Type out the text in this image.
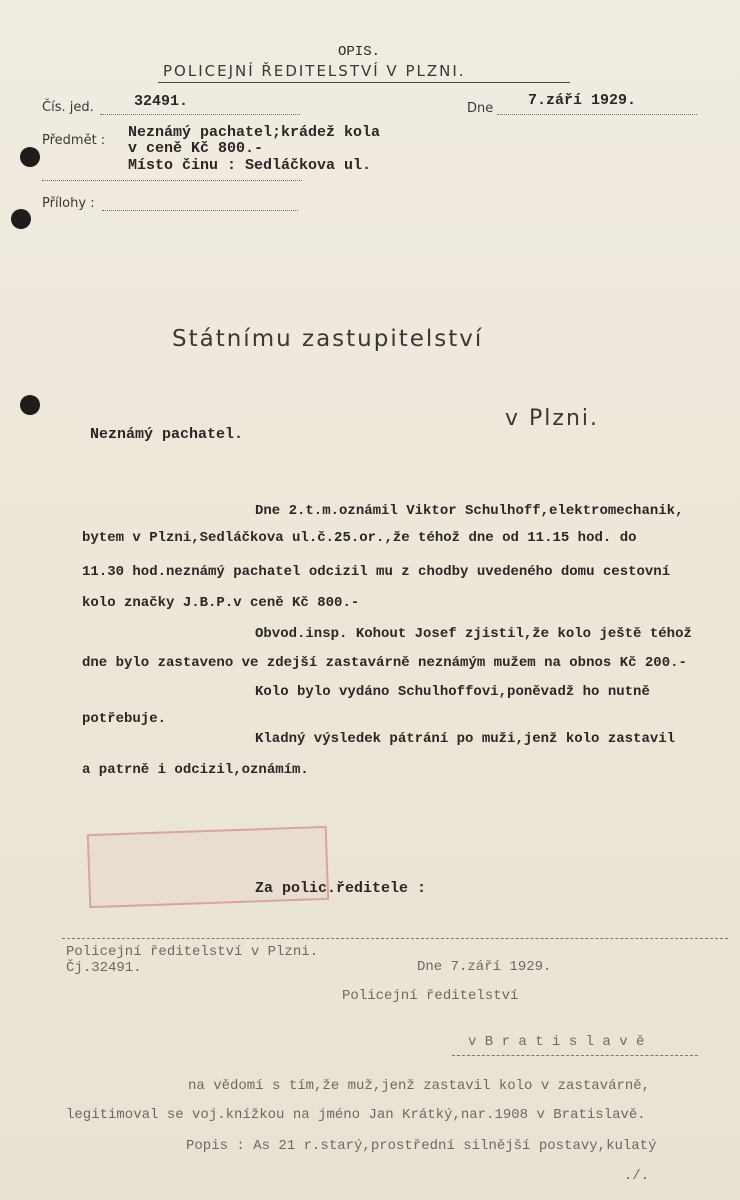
OPIS.
POLICEJNÍ ŘEDITELSTVÍ V PLZNI.
Čís. jed.	32491.	Dne 7.září 1929.
Předmět : Neznámý pachatel;krádež kola
v ceně Kč 800.-
Místo činu : Sedláčkova ul.
Přílohy :
Státnímu zastupitelství
v Plzni.
Neznámý pachatel.
Dne 2.t.m.oznámil Viktor Schulhoff,elektromechanik,
bytem v Plzni,Sedláčkova ul.č.25.or.,že téhož dne od 11.15 hod. do
11.30 hod.neznámý pachatel odcizil mu z chodby uvedeného domu cestovní
kolo značky J.B.P.v ceně Kč 800.-
Obvod.insp. Kohout Josef zjistil,že kolo ještě téhož
dne bylo zastaveno ve zdejší zastavárně neznámým mužem na obnos Kč 200.-
Kolo bylo vydáno Schulhoffovi,poněvadž ho nutně
potřebuje.
Kladný výsledek pátrání po muži,jenž kolo zastavil
a patrně i odcizil,oznámím.
Za polic.ředitele :
Policejní ředitelství v Plzni.
Čj.32491.	Dne 7.září 1929.
Policejní ředitelství
v B r a t i s l a v ě
na vědomí s tím,že muž,jenž zastavil kolo v zastavárně,
legitimoval se voj.knížkou na jméno Jan Krátký,nar.1908 v Bratislavě.
Popis : As 21 r.starý,prostřední silnější postavy,kulatý
./.
